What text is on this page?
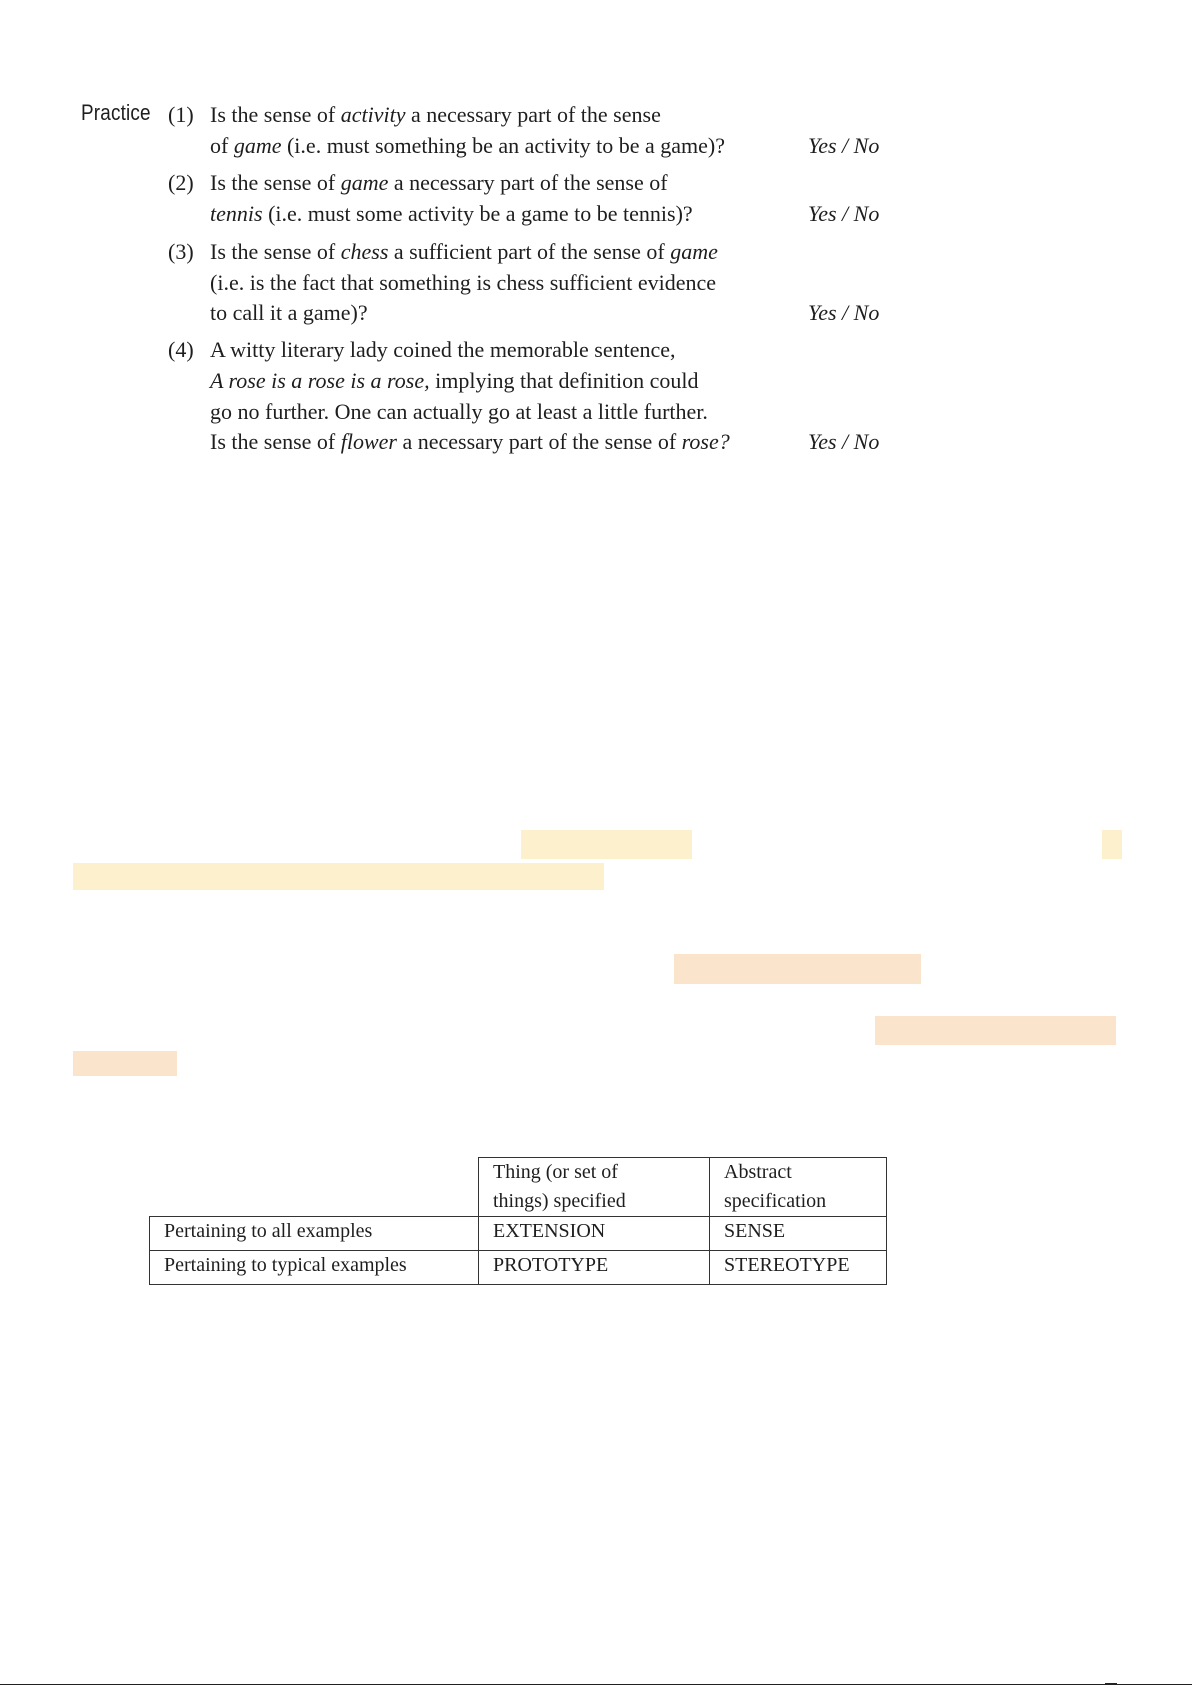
Practice (1) Is the sense of activity a necessary part of the sense
of game (i.e. must something be an activity to be a game)?	Yes / No
(2) Is the sense of game a necessary part of the sense of
tennis (i.e. must some activity be a game to be tennis)?	Yes / No
(3) Is the sense of chess a sufficient part of the sense of game
(i.e. is the fact that something is chess sufficient evidence
to call it a game)?	Yes / No
(4) A witty literary lady coined the memorable sentence,
A rose is a rose is a rose, implying that definition could
go no further. One can actually go at least a little further.
Is the sense of flower a necessary part of the sense of rose?	Yes / No
	Thing (or set of
things) specified	Abstract
specification
Pertaining to all examples	EXTENSION	SENSE
Pertaining to typical examples	PROTOTYPE	STEREOTYPE
